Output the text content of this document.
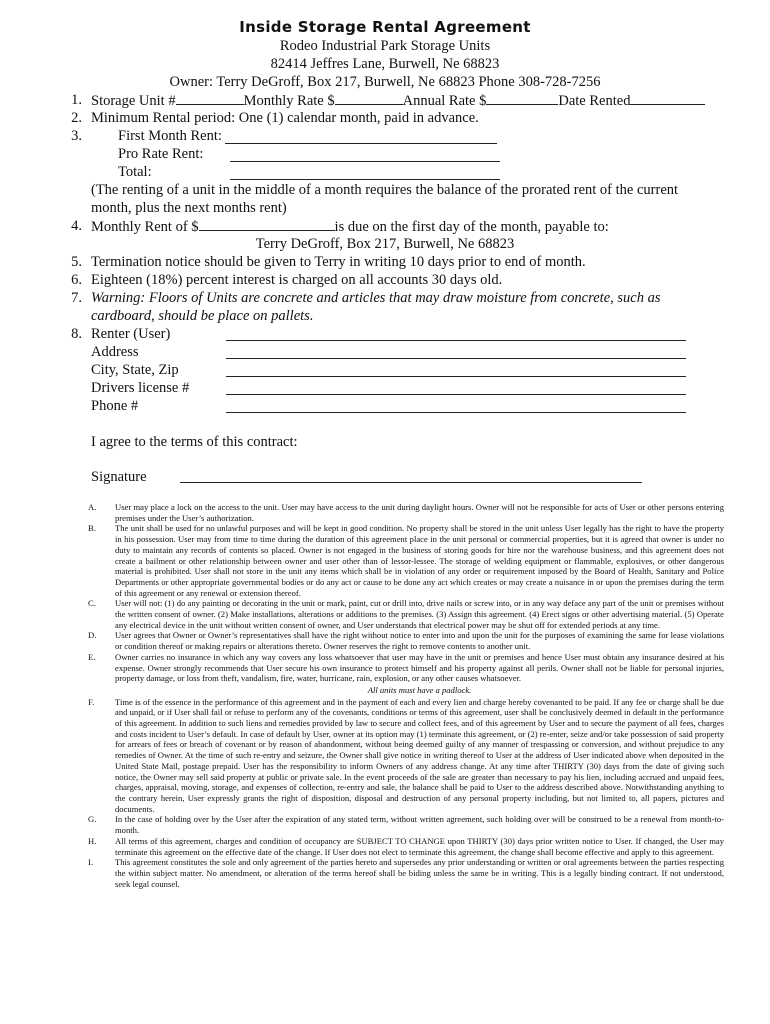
Inside Storage Rental Agreement
Rodeo Industrial Park Storage Units
82414 Jeffres Lane, Burwell, Ne 68823
Owner: Terry DeGroff, Box 217, Burwell, Ne 68823 Phone 308-728-7256
1. Storage Unit #	Monthly Rate $	Annual Rate $	Date Rented
2. Minimum Rental period: One (1) calendar month, paid in advance.
3. First Month Rent:
Pro Rate Rent:
Total:
(The renting of a unit in the middle of a month requires the balance of the prorated rent of the current
month, plus the next months rent)
4. Monthly Rent of $	is due on the first day of the month, payable to:
Terry DeGroff, Box 217, Burwell, Ne 68823
5. Termination notice should be given to Terry in writing 10 days prior to end of month.
6. Eighteen (18%) percent interest is charged on all accounts 30 days old.
7. Warning: Floors of Units are concrete and articles that may draw moisture from concrete, such as
cardboard, should be place on pallets.
8. Renter (User)
Address
City, State, Zip
Drivers license #
Phone #
I agree to the terms of this contract:
Signature
A. User may place a lock on the access to the unit. User may have access to the unit during daylight hours. Owner will not be responsible for acts of User or other persons entering premises under the User’s authorization.
B. The unit shall be used for no unlawful purposes and will be kept in good condition. No property shall be stored in the unit unless User legally has the right to have the property in his possession. User may from time to time during the duration of this agreement place in the unit personal or commercial properties, but it is agreed that owner is under no duty to maintain any records of contents so placed. Owner is not engaged in the business of storing goods for hire nor the warehouse business, and this agreement does not create a bailment or other relationship between owner and user other than of lessor-lessee. The storage of welding equipment or flammable, explosives, or other dangerous material is prohibited. User shall not store in the unit any items which shall be in violation of any order or requirement imposed by the Board of Health, Sanitary and Police Departments or other appropriate governmental bodies or do any act or cause to be done any act which creates or may create a nuisance in or upon the premises during the term of this agreement or any renewal or extension thereof.
C. User will not: (1) do any painting or decorating in the unit or mark, paint, cut or drill into, drive nails or screw into, or in any way deface any part of the unit or premises without the written consent of owner. (2) Make installations, alterations or additions to the premises. (3) Assign this agreement. (4) Erect signs or other advertising material. (5) Operate any electrical device in the unit without written consent of owner, and User understands that electrical power may be shut off for extended periods at any time.
D. User agrees that Owner or Owner’s representatives shall have the right without notice to enter into and upon the unit for the purposes of examining the same for lease violations or condition thereof or making repairs or alterations thereto. Owner reserves the right to remove contents to another unit.
E. Owner carries no insurance in which any way covers any loss whatsoever that user may have in the unit or premises and hence User must obtain any insurance desired at his expense. Owner strongly recommends that User secure his own insurance to protect himself and his property against all perils. Owner shall not be liable for personal injuries, property damage, or loss from theft, vandalism, fire, water, hurricane, rain, explosion, or any other causes whatsoever.
All units must have a padlock.
F. Time is of the essence in the performance of this agreement and in the payment of each and every lien and charge hereby covenanted to be paid. If any fee or charge shall be due and unpaid, or if User shall fail or refuse to perform any of the covenants, conditions or terms of this agreement, user shall be conclusively deemed in default in the performance of this agreement. In addition to such liens and remedies provided by law to secure and collect fees, and of this agreement by User and to secure the payment of all fees, charges and costs incident to User’s default. In case of default by User, owner at its option may (1) terminate this agreement, or (2) re-enter, seize and/or take possession of said property for arrears of fees or breach of covenant or by reason of abandonment, without being deemed guilty of any manner of trespassing or conversion, and without prejudice to any remedies of Owner. At the time of such re-entry and seizure, the Owner shall give notice in writing thereof to User at the address of User indicated above when deposited in the United State Mail, postage prepaid. User has the responsibility to inform Owners of any address change. At any time after THIRTY (30) days from the date of giving such notice, the Owner may sell said property at public or private sale. In the event proceeds of the sale are greater than necessary to pay his lien, including accrued and unpaid fees, charges, appraisal, moving, storage, and expenses of collection, re-entry and sale, the balance shall be paid to User to the address described above. Notwithstanding anything to the contrary herein, User expressly grants the right of disposition, disposal and destruction of any personal property including, but not limited to, all papers, pictures and documents.
G. In the case of holding over by the User after the expiration of any stated term, without written agreement, such holding over will be construed to be a renewal from month-to-month.
H. All terms of this agreement, charges and condition of occupancy are SUBJECT TO CHANGE upon THIRTY (30) days prior written notice to User. If changed, the User may terminate this agreement on the effective date of the change. If User does not elect to terminate this agreement, the change shall become effective and apply to this agreement.
I.	This agreement constitutes the sole and only agreement of the parties hereto and supersedes any prior understanding or written or oral agreements between the parties respecting the within subject matter. No amendment, or alteration of the terms hereof shall be biding unless the same be in writing. This is a legally binding contract. If not understood, seek legal counsel.
